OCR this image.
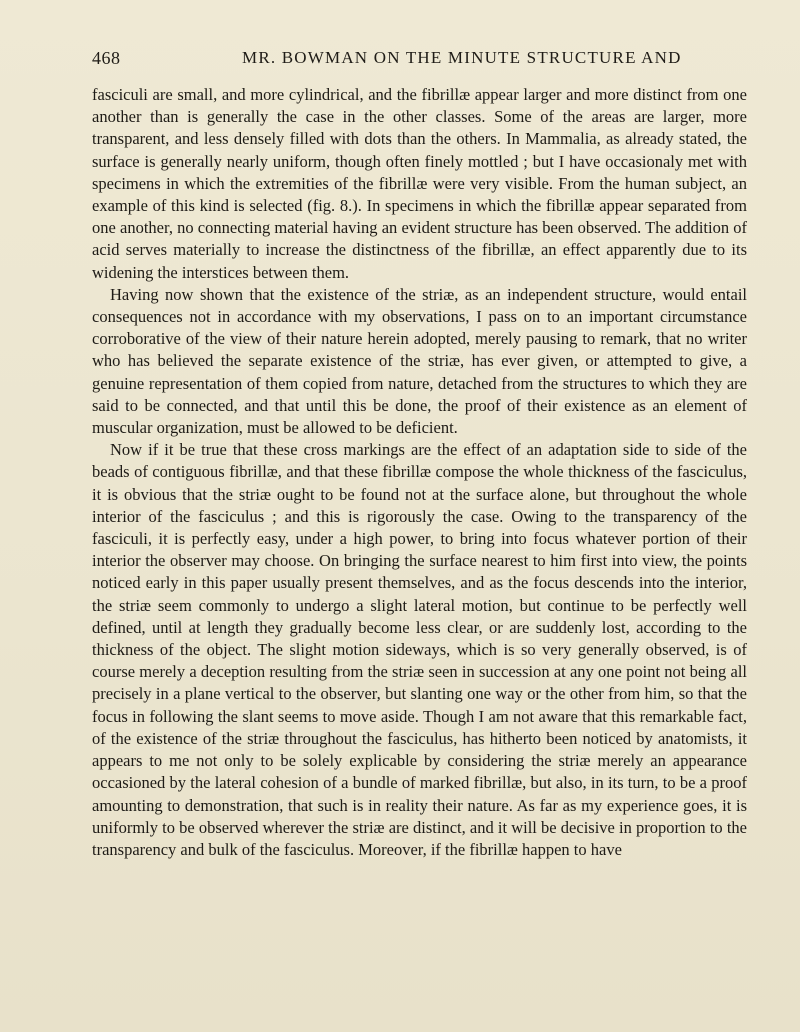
468	MR. BOWMAN ON THE MINUTE STRUCTURE AND

fasciculi are small, and more cylindrical, and the fibrillæ appear larger and more distinct from one another than is generally the case in the other classes. Some of the areas are larger, more transparent, and less densely filled with dots than the others. In Mammalia, as already stated, the surface is generally nearly uniform, though often finely mottled ; but I have occasionaly met with specimens in which the extremities of the fibrillæ were very visible. From the human subject, an example of this kind is selected (fig. 8.). In specimens in which the fibrillæ appear separated from one another, no connecting material having an evident structure has been observed. The addition of acid serves materially to increase the distinctness of the fibrillæ, an effect apparently due to its widening the interstices between them.

Having now shown that the existence of the striæ, as an independent structure, would entail consequences not in accordance with my observations, I pass on to an important circumstance corroborative of the view of their nature herein adopted, merely pausing to remark, that no writer who has believed the separate existence of the striæ, has ever given, or attempted to give, a genuine representation of them copied from nature, detached from the structures to which they are said to be connected, and that until this be done, the proof of their existence as an element of muscular organization, must be allowed to be deficient.

Now if it be true that these cross markings are the effect of an adaptation side to side of the beads of contiguous fibrillæ, and that these fibrillæ compose the whole thickness of the fasciculus, it is obvious that the striæ ought to be found not at the surface alone, but throughout the whole interior of the fasciculus ; and this is rigorously the case. Owing to the transparency of the fasciculi, it is perfectly easy, under a high power, to bring into focus whatever portion of their interior the observer may choose. On bringing the surface nearest to him first into view, the points noticed early in this paper usually present themselves, and as the focus descends into the interior, the striæ seem commonly to undergo a slight lateral motion, but continue to be perfectly well defined, until at length they gradually become less clear, or are suddenly lost, according to the thickness of the object. The slight motion sideways, which is so very generally observed, is of course merely a deception resulting from the striæ seen in succession at any one point not being all precisely in a plane vertical to the observer, but slanting one way or the other from him, so that the focus in following the slant seems to move aside. Though I am not aware that this remarkable fact, of the existence of the striæ throughout the fasciculus, has hitherto been noticed by anatomists, it appears to me not only to be solely explicable by considering the striæ merely an appearance occasioned by the lateral cohesion of a bundle of marked fibrillæ, but also, in its turn, to be a proof amounting to demonstration, that such is in reality their nature. As far as my experience goes, it is uniformly to be observed wherever the striæ are distinct, and it will be decisive in proportion to the transparency and bulk of the fasciculus. Moreover, if the fibrillæ happen to have
